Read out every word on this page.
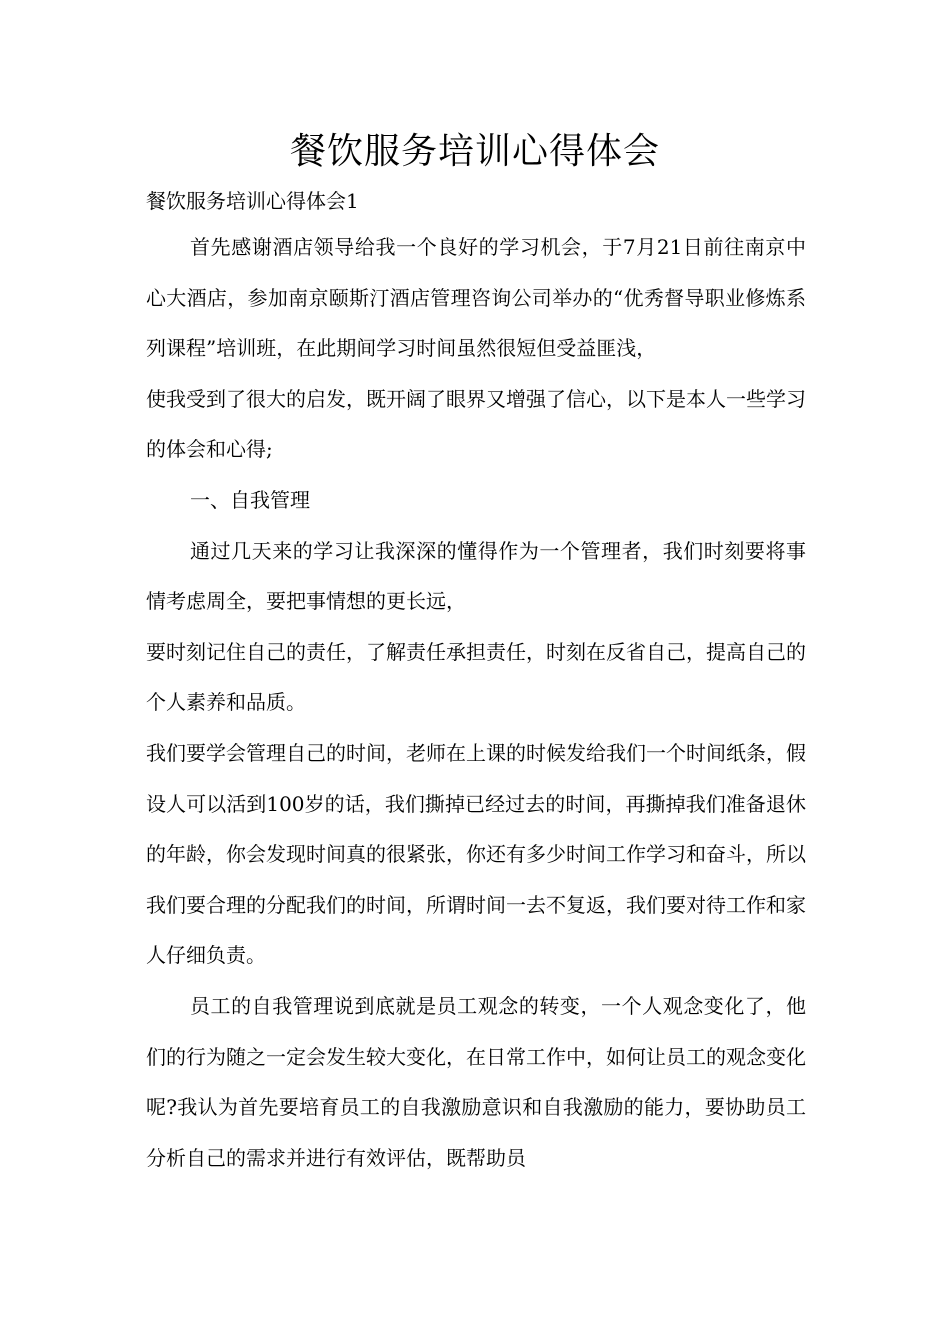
餐饮服务培训心得体会
餐饮服务培训心得体会1

首先感谢酒店领导给我一个良好的学习机会，于7月21日前往南京中心大酒店，参加南京颐斯汀酒店管理咨询公司举办的“优秀督导职业修炼系列课程”培训班，在此期间学习时间虽然很短但受益匪浅，

使我受到了很大的启发，既开阔了眼界又增强了信心，以下是本人一些学习的体会和心得;

一、自我管理

通过几天来的学习让我深深的懂得作为一个管理者，我们时刻要将事情考虑周全，要把事情想的更长远，

要时刻记住自己的责任，了解责任承担责任，时刻在反省自己，提高自己的个人素养和品质。

我们要学会管理自己的时间，老师在上课的时候发给我们一个时间纸条，假设人可以活到100岁的话，我们撕掉已经过去的时间，再撕掉我们准备退休的年龄，你会发现时间真的很紧张，你还有多少时间工作学习和奋斗，所以我们要合理的分配我们的时间，所谓时间一去不复返，我们要对待工作和家人仔细负责。

员工的自我管理说到底就是员工观念的转变，一个人观念变化了，他们的行为随之一定会发生较大变化，在日常工作中，如何让员工的观念变化呢?我认为首先要培育员工的自我激励意识和自我激励的能力，要协助员工分析自己的需求并进行有效评估，既帮助员
